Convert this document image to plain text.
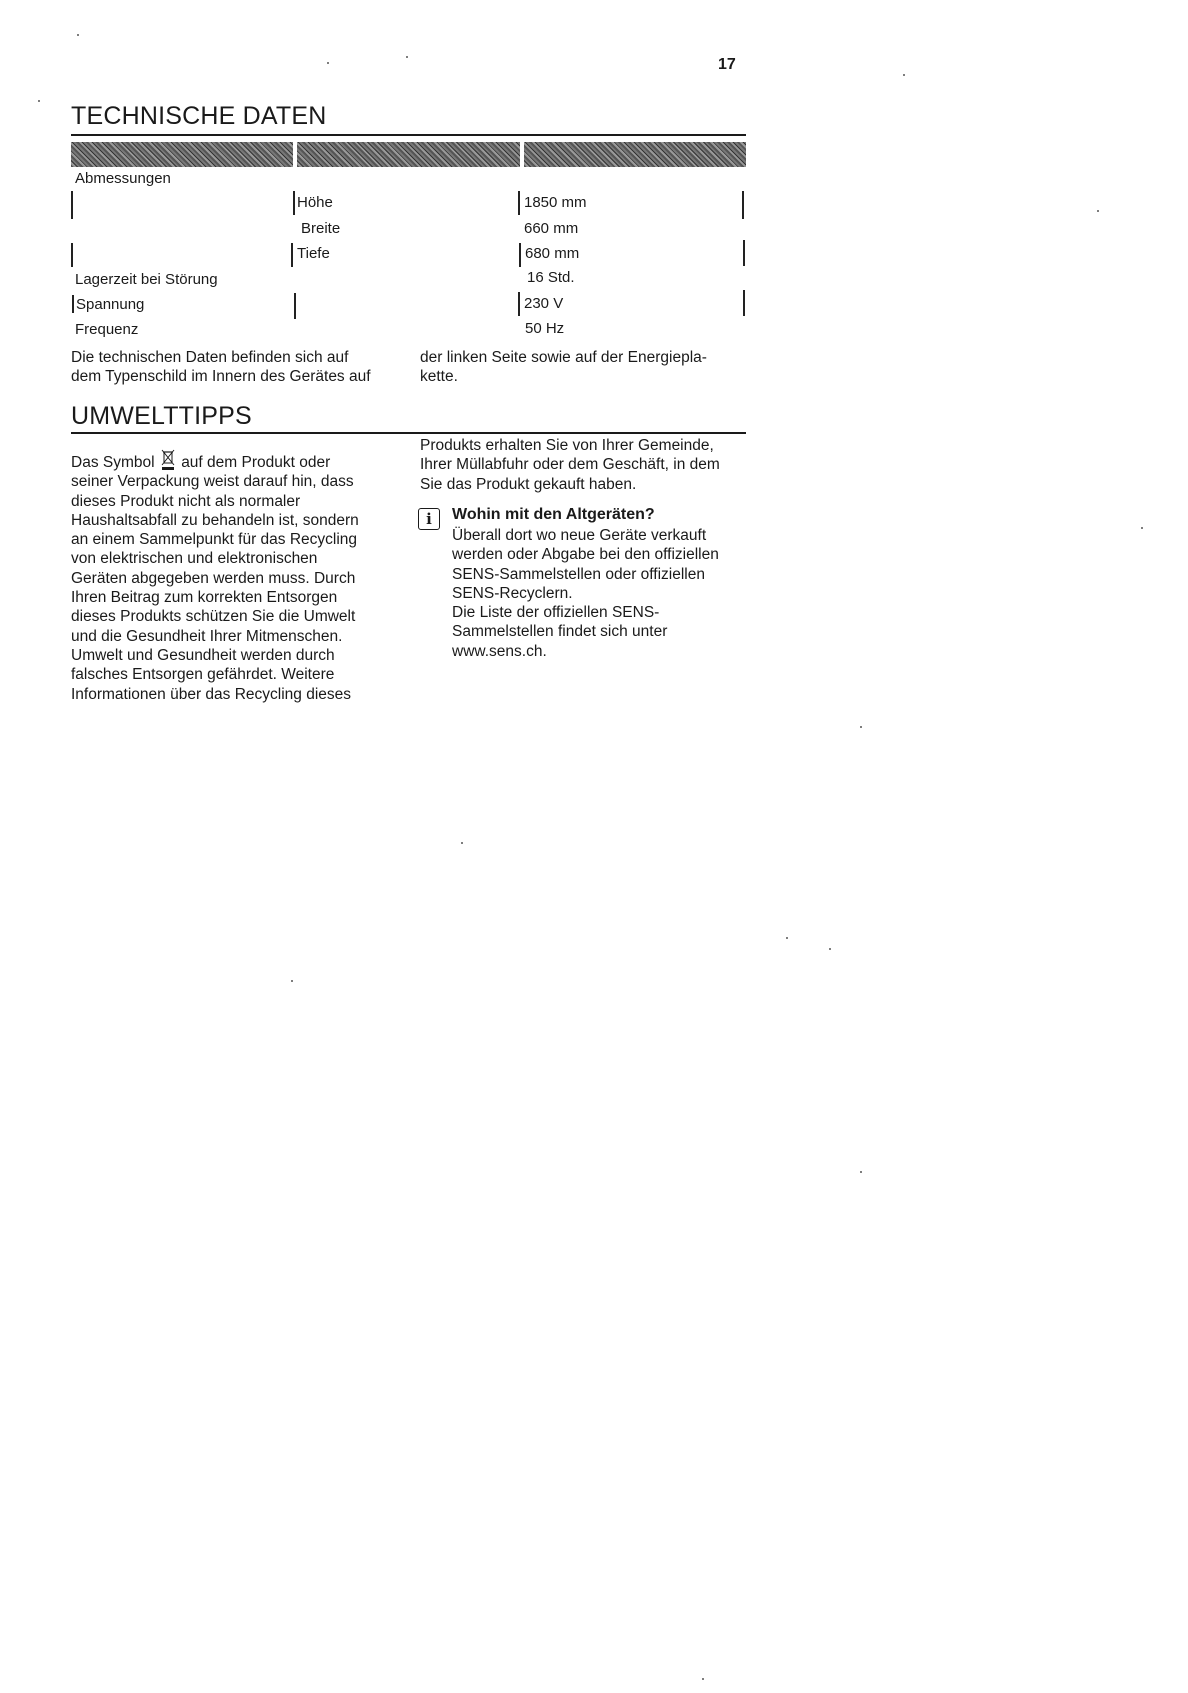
17
TECHNISCHE DATEN
Abmessungen
Höhe	1850 mm
Breite	660 mm
Tiefe	680 mm
Lagerzeit bei Störung	16 Std.
Spannung	230 V
Frequenz	50 Hz
Die technischen Daten befinden sich auf
dem Typenschild im Innern des Gerätes auf
der linken Seite sowie auf der Energiepla-
kette.
UMWELTTIPPS
Das Symbol auf dem Produkt oder
seiner Verpackung weist darauf hin, dass
dieses Produkt nicht als normaler
Haushaltsabfall zu behandeln ist, sondern
an einem Sammelpunkt für das Recycling
von elektrischen und elektronischen
Geräten abgegeben werden muss. Durch
Ihren Beitrag zum korrekten Entsorgen
dieses Produkts schützen Sie die Umwelt
und die Gesundheit Ihrer Mitmenschen.
Umwelt und Gesundheit werden durch
falsches Entsorgen gefährdet. Weitere
Informationen über das Recycling dieses
Produkts erhalten Sie von Ihrer Gemeinde,
Ihrer Müllabfuhr oder dem Geschäft, in dem
Sie das Produkt gekauft haben.
i	Wohin mit den Altgeräten?
Überall dort wo neue Geräte verkauft
werden oder Abgabe bei den offiziellen
SENS-Sammelstellen oder offiziellen
SENS-Recyclern.
Die Liste der offiziellen SENS-
Sammelstellen findet sich unter
www.sens.ch.
